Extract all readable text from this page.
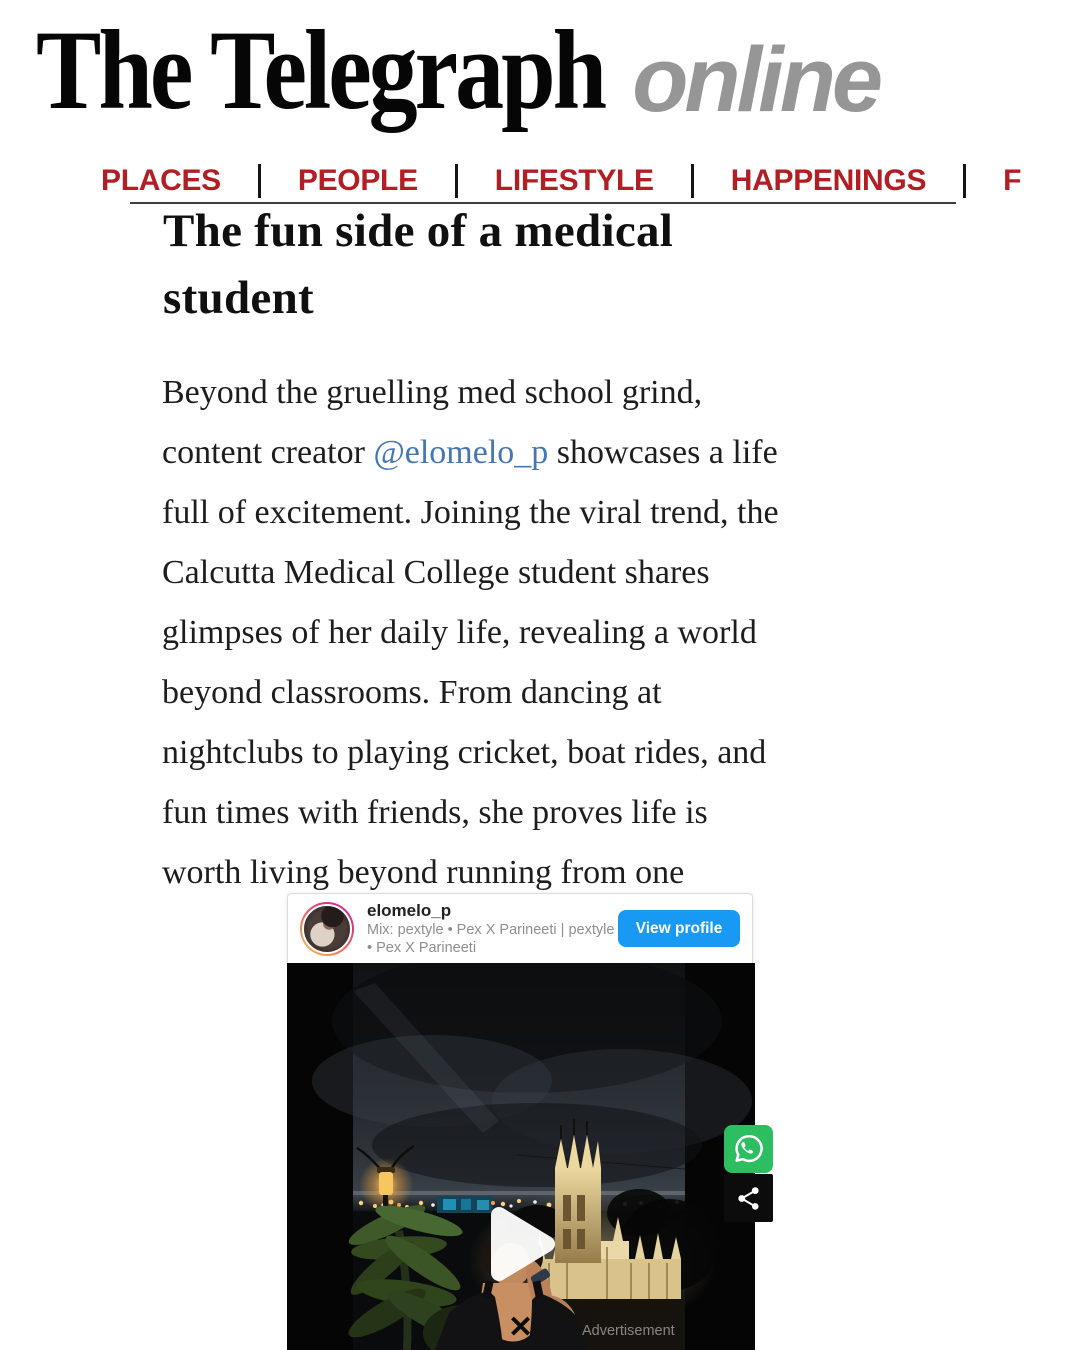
The Telegraph online
PLACES	PEOPLE	LIFESTYLE	HAPPENINGS	F
The fun side of a medical
student
Beyond the gruelling med school grind,
content creator @elomelo_p showcases a life
full of excitement. Joining the viral trend, the
Calcutta Medical College student shares
glimpses of her daily life, revealing a world
beyond classrooms. From dancing at
nightclubs to playing cricket, boat rides, and
fun times with friends, she proves life is
worth living beyond running from one
elomelo_p
Mix: pextyle • Pex X Parineeti | pextyle
• Pex X Parineeti
View profile
✕	Advertisement
